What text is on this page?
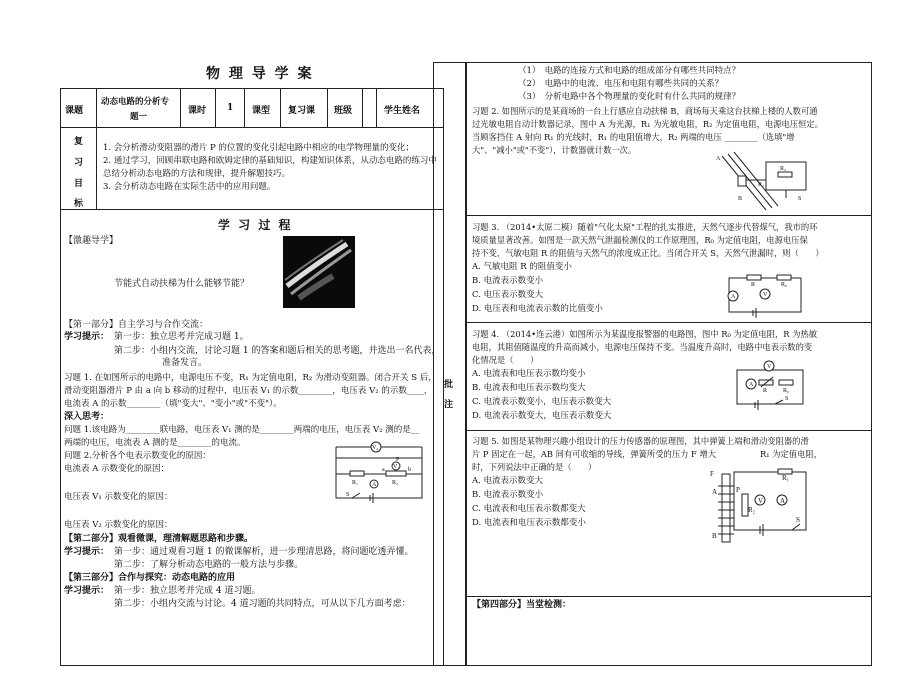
物 理 导 学 案
课题
动态电路的分析专
题一
课时 1 课型 复习课 班级	学生姓名
复
习
目
标
1. 会分析滑动变阻器的滑片 P 的位置的变化引起电路中相应的电学物理量的变化；
2. 通过学习，回顾串联电路和欧姆定律的基础知识，构建知识体系，从动态电路的练习中
总结分析动态电路的方法和规律，提升解题技巧。
3. 会分析动态电路在实际生活中的应用问题。
学 习 过 程
【激趣导学】
节能式自动扶梯为什么能够节能？
【第一部分】自主学习与合作交流：
学习提示： 第一步：独立思考并完成习题 1。
第二步：小组内交流，讨论习题 1 的答案和题后相关的思考题，并选出一名代表，
准备发言。
习题 1. 在如图所示的电路中，电源电压不变，R₁ 为定值电阻，R₂ 为滑动变阻器。闭合开关 S 后，
滑动变阻器滑片 P 由 a 向 b 移动的过程中，电压表 V₁ 的示数________，电压表 V₂ 的示数____，
电流表 A 的示数________（填"变大"、"变小"或"不变"）。
深入思考：
问题 1.该电路为________联电路，电压表 V₁ 测的是________两端的电压，电压表 V₂ 测的是__
两端的电压，电流表 A 测的是________的电流。
问题 2.分析各个电表示数变化的原因：
电流表 A 示数变化的原因：
电压表 V₁ 示数变化的原因：
电压表 V₂ 示数变化的原因：
V₂
V₁
P
S
R₁	R₂
A
a	b
【第二部分】观看微课，理清解题思路和步骤。
学习提示： 第一步：通过观看习题 1 的微课解析，进一步理清思路，将问题吃透弄懂。
第二步：了解分析动态电路的一般方法与步骤。
【第三部分】合作与探究：动态电路的应用
学习提示： 第一步：独立思考并完成 4 道习题。
第二步：小组内交流与讨论。4 道习题的共同特点，可从以下几方面考虑：
批
注
（1）　电路的连接方式和电路的组成部分有哪些共同特点？
（2）　电路中的电流、电压和电阻有哪些共同的关系？
（3）　分析电路中各个物理量的变化时有什么共同的规律？
习题 2. 如图所示的是某商场的一台上行感应自动扶梯 B，商场每天乘这台扶梯上楼的人数可通
过光敏电阻自动计数器记录，图中 A 为光源，R₁ 为光敏电阻，R₂ 为定值电阻，电源电压恒定。
当顾客挡住 A 射向 R₁ 的光线时，R₁ 的电阻值增大，R₂ 两端的电压 ________（选填"增
大"、"减小"或"不变"），计数器就计数一次。
A
B
R₁
R₂
S
习题 3. （2014•太原二模）随着"气化太原"工程的扎实推进，天然气逐步代替煤气，我市的环
境质量显著改善。如图是一款天然气泄漏检测仪的工作原理图，R₀ 为定值电阻，电源电压保
持不变，气敏电阻 R 的阻值与天然气的浓度成正比。当闭合开关 S，天然气泄漏时，则（　　）
A. 气敏电阻 R 的阻值变小
B. 电流表示数变小
C. 电压表示数变大
D. 电压表和电流表示数的比值变小
A	V
R₀
R
习题 4. （2014•连云港）如图所示为某温度报警器的电路图，图中 R₀ 为定值电阻，R 为热敏
电阻，其阻值随温度的升高而减小，电源电压保持不变。当温度升高时，电路中电表示数的变
化情况是（　　）
A. 电流表和电压表示数均变小
B. 电流表和电压表示数均变大
C. 电流表示数变小，电压表示数变大
D. 电流表示数变大，电压表示数变大
V
A
R	R₀
S
习题 5. 如图是某物理兴趣小组设计的压力传感器的原理图，其中弹簧上端和滑动变阻器的滑
片 P 固定在一起，AB 间有可收缩的导线，弹簧所受的压力 F 增大	R₁ 为定值电阻，
时，下列说法中正确的是（　　）
A. 电流表示数变大
B. 电流表示数变小
C. 电流表和电压表示数都变大
D. 电流表和电压表示数都变小
F
A
B
P
R₂
V A
R₁
S
【第四部分】当堂检测：
